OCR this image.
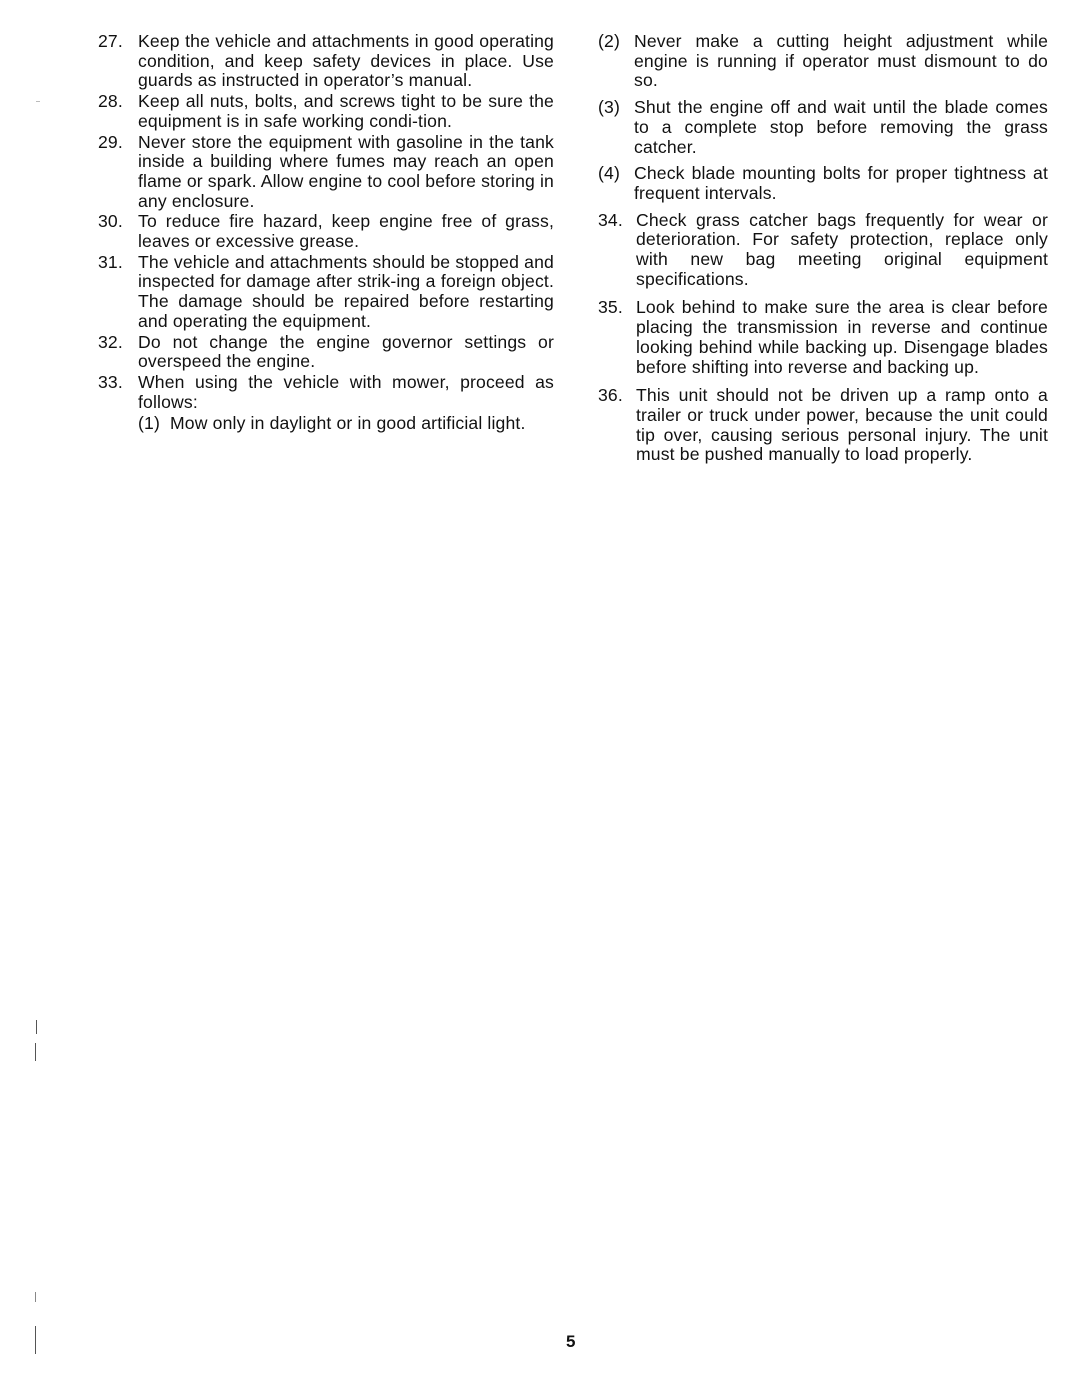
27. Keep the vehicle and attachments in good operating condition, and keep safety devices in place. Use guards as instructed in operator’s manual.
28. Keep all nuts, bolts, and screws tight to be sure the equipment is in safe working condi-tion.
29. Never store the equipment with gasoline in the tank inside a building where fumes may reach an open flame or spark. Allow engine to cool before storing in any enclosure.
30. To reduce fire hazard, keep engine free of grass, leaves or excessive grease.
31. The vehicle and attachments should be stopped and inspected for damage after strik-ing a foreign object. The damage should be repaired before restarting and operating the equipment.
32. Do not change the engine governor settings or overspeed the engine.
33. When using the vehicle with mower, proceed as follows:
(1) Mow only in daylight or in good artificial light.
(2) Never make a cutting height adjustment while engine is running if operator must dismount to do so.
(3) Shut the engine off and wait until the blade comes to a complete stop before removing the grass catcher.
(4) Check blade mounting bolts for proper tightness at frequent intervals.
34. Check grass catcher bags frequently for wear or deterioration. For safety protection, replace only with new bag meeting original equipment specifications.
35. Look behind to make sure the area is clear before placing the transmission in reverse and continue looking behind while backing up. Disengage blades before shifting into reverse and backing up.
36. This unit should not be driven up a ramp onto a trailer or truck under power, because the unit could tip over, causing serious personal injury. The unit must be pushed manually to load properly.
5
